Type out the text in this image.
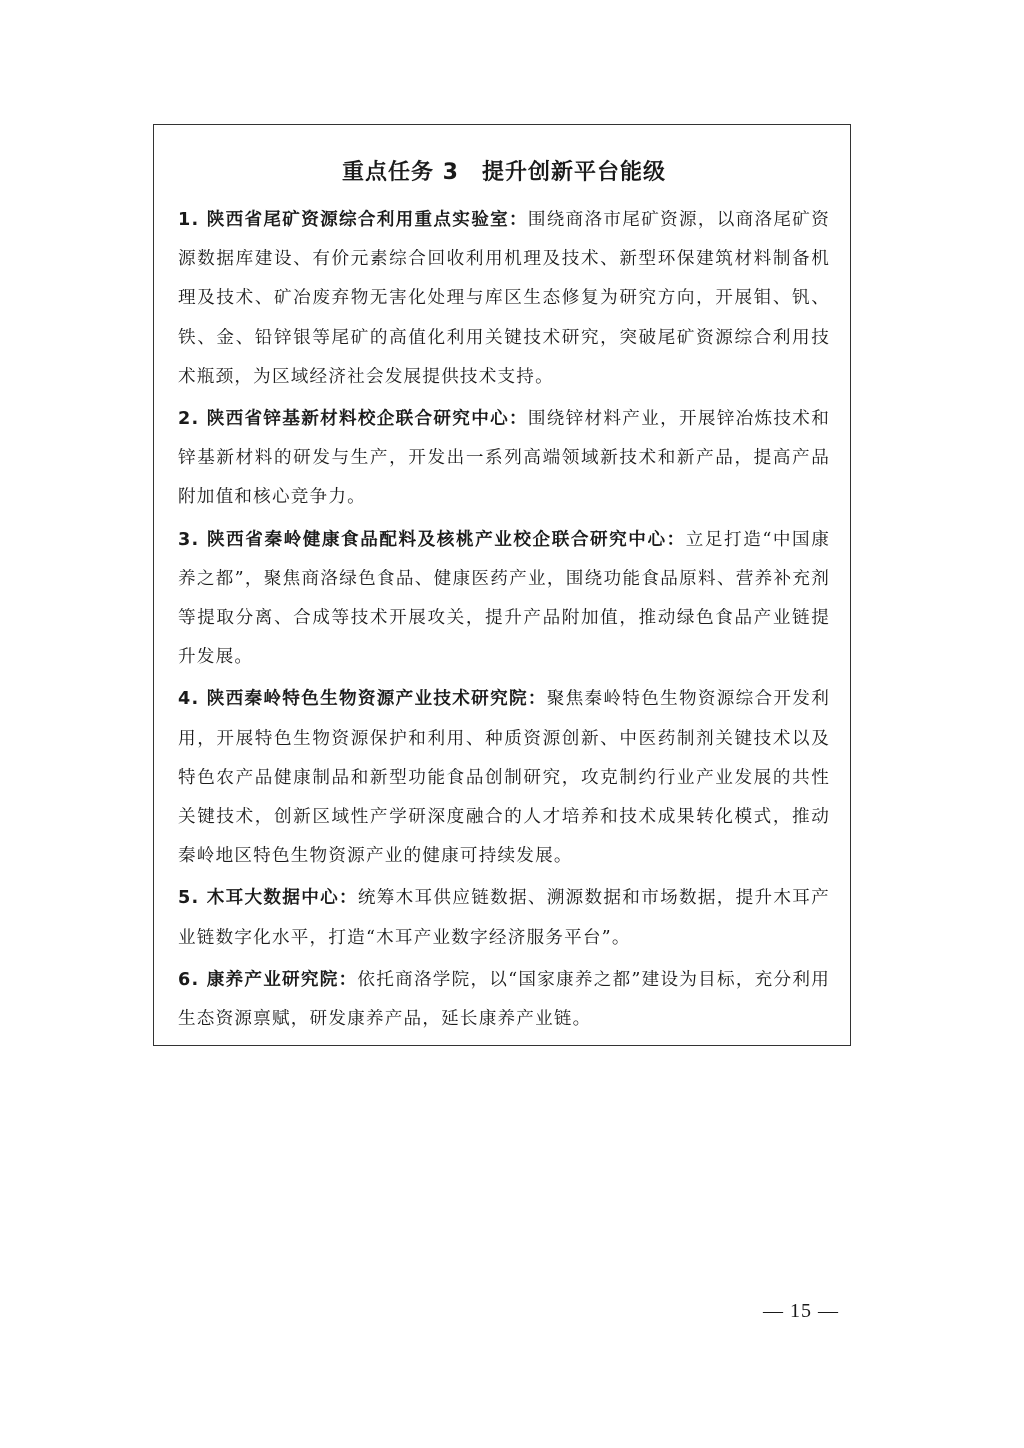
重点任务 3　提升创新平台能级

1. 陕西省尾矿资源综合利用重点实验室：围绕商洛市尾矿资源，以商洛尾矿资源数据库建设、有价元素综合回收利用机理及技术、新型环保建筑材料制备机理及技术、矿冶废弃物无害化处理与库区生态修复为研究方向，开展钼、钒、铁、金、铅锌银等尾矿的高值化利用关键技术研究，突破尾矿资源综合利用技术瓶颈，为区域经济社会发展提供技术支持。

2. 陕西省锌基新材料校企联合研究中心：围绕锌材料产业，开展锌冶炼技术和锌基新材料的研发与生产，开发出一系列高端领域新技术和新产品，提高产品附加值和核心竞争力。

3. 陕西省秦岭健康食品配料及核桃产业校企联合研究中心：立足打造“中国康养之都”，聚焦商洛绿色食品、健康医药产业，围绕功能食品原料、营养补充剂等提取分离、合成等技术开展攻关，提升产品附加值，推动绿色食品产业链提升发展。

4. 陕西秦岭特色生物资源产业技术研究院：聚焦秦岭特色生物资源综合开发利用，开展特色生物资源保护和利用、种质资源创新、中医药制剂关键技术以及特色农产品健康制品和新型功能食品创制研究，攻克制约行业产业发展的共性关键技术，创新区域性产学研深度融合的人才培养和技术成果转化模式，推动秦岭地区特色生物资源产业的健康可持续发展。

5. 木耳大数据中心：统筹木耳供应链数据、溯源数据和市场数据，提升木耳产业链数字化水平，打造“木耳产业数字经济服务平台”。

6. 康养产业研究院：依托商洛学院，以“国家康养之都”建设为目标，充分利用生态资源禀赋，研发康养产品，延长康养产业链。

— 15 —
